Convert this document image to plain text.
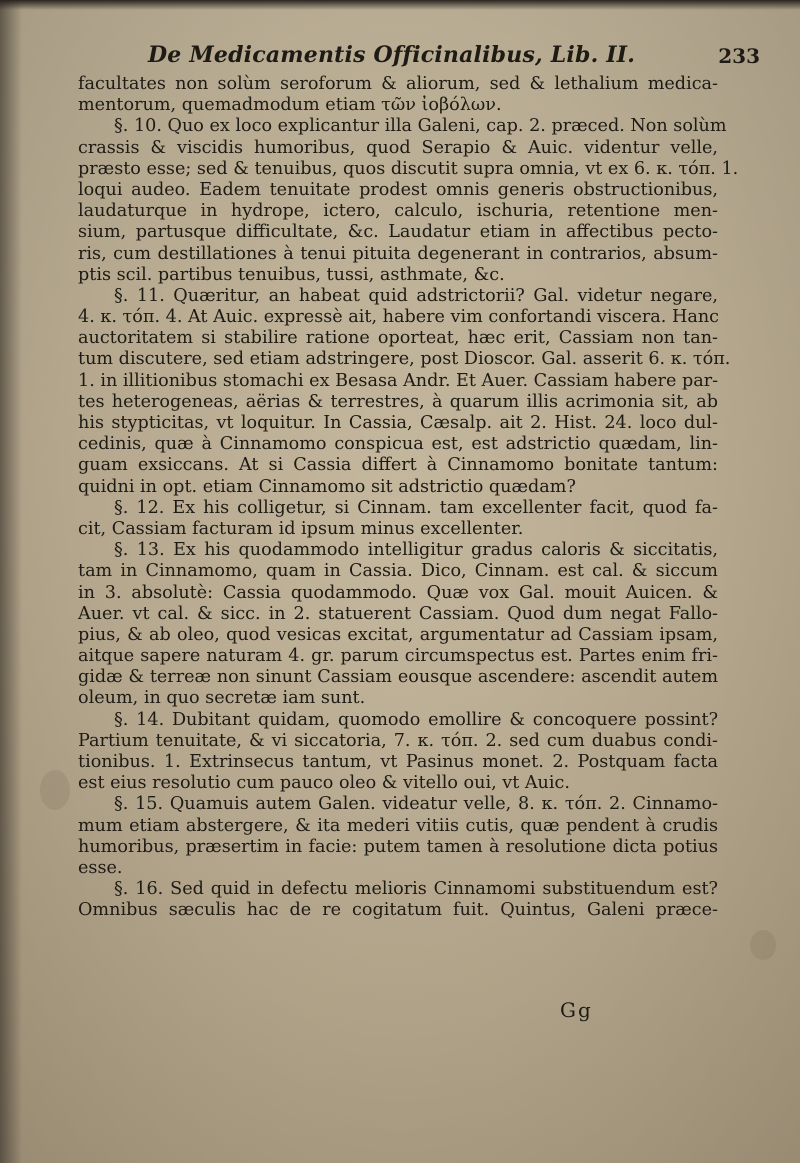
De Medicamentis Officinalibus, Lib. II.	233
facultates non solùm seroforum & aliorum, sed & lethalium medica-
mentorum, quemadmodum etiam τῶν ἰοβόλων.
§. 10. Quo ex loco explicantur illa Galeni, cap. 2. præced. Non solùm
crassis & viscidis humoribus, quod Serapio & Auic. videntur velle,
præsto esse; sed & tenuibus, quos discutit supra omnia, vt ex 6. κ. τόπ. 1.
loqui audeo. Eadem tenuitate prodest omnis generis obstructionibus,
laudaturque in hydrope, ictero, calculo, ischuria, retentione men-
sium, partusque difficultate, &c. Laudatur etiam in affectibus pecto-
ris, cum destillationes à tenui pituita degenerant in contrarios, absum-
ptis scil. partibus tenuibus, tussi, asthmate, &c.
§. 11. Quæritur, an habeat quid adstrictorii? Gal. videtur negare,
4. κ. τόπ. 4. At Auic. expressè ait, habere vim confortandi viscera. Hanc
auctoritatem si stabilire ratione oporteat, hæc erit, Cassiam non tan-
tum discutere, sed etiam adstringere, post Dioscor. Gal. asserit 6. κ. τόπ.
1. in illitionibus stomachi ex Besasa Andr. Et Auer. Cassiam habere par-
tes heterogeneas, aërias & terrestres, à quarum illis acrimonia sit, ab
his stypticitas, vt loquitur. In Cassia, Cæsalp. ait 2. Hist. 24. loco dul-
cedinis, quæ à Cinnamomo conspicua est, est adstrictio quædam, lin-
guam exsiccans. At si Cassia differt à Cinnamomo bonitate tantum:
quidni in opt. etiam Cinnamomo sit adstrictio quædam?
§. 12. Ex his colligetur, si Cinnam. tam excellenter facit, quod fa-
cit, Cassiam facturam id ipsum minus excellenter.
§. 13. Ex his quodammodo intelligitur gradus caloris & siccitatis,
tam in Cinnamomo, quam in Cassia. Dico, Cinnam. est cal. & siccum
in 3. absolutè: Cassia quodammodo. Quæ vox Gal. mouit Auicen. &
Auer. vt cal. & sicc. in 2. statuerent Cassiam. Quod dum negat Fallo-
pius, & ab oleo, quod vesicas excitat, argumentatur ad Cassiam ipsam,
aitque sapere naturam 4. gr. parum circumspectus est. Partes enim fri-
gidæ & terreæ non sinunt Cassiam eousque ascendere: ascendit autem
oleum, in quo secretæ iam sunt.
§. 14. Dubitant quidam, quomodo emollire & concoquere possint?
Partium tenuitate, & vi siccatoria, 7. κ. τόπ. 2. sed cum duabus condi-
tionibus. 1. Extrinsecus tantum, vt Pasinus monet. 2. Postquam facta
est eius resolutio cum pauco oleo & vitello oui, vt Auic.
§. 15. Quamuis autem Galen. videatur velle, 8. κ. τόπ. 2. Cinnamo-
mum etiam abstergere, & ita mederi vitiis cutis, quæ pendent à crudis
humoribus, præsertim in facie: putem tamen à resolutione dicta potius
esse.
§. 16. Sed quid in defectu melioris Cinnamomi substituendum est?
Omnibus sæculis hac de re cogitatum fuit. Quintus, Galeni præce-
Gg
